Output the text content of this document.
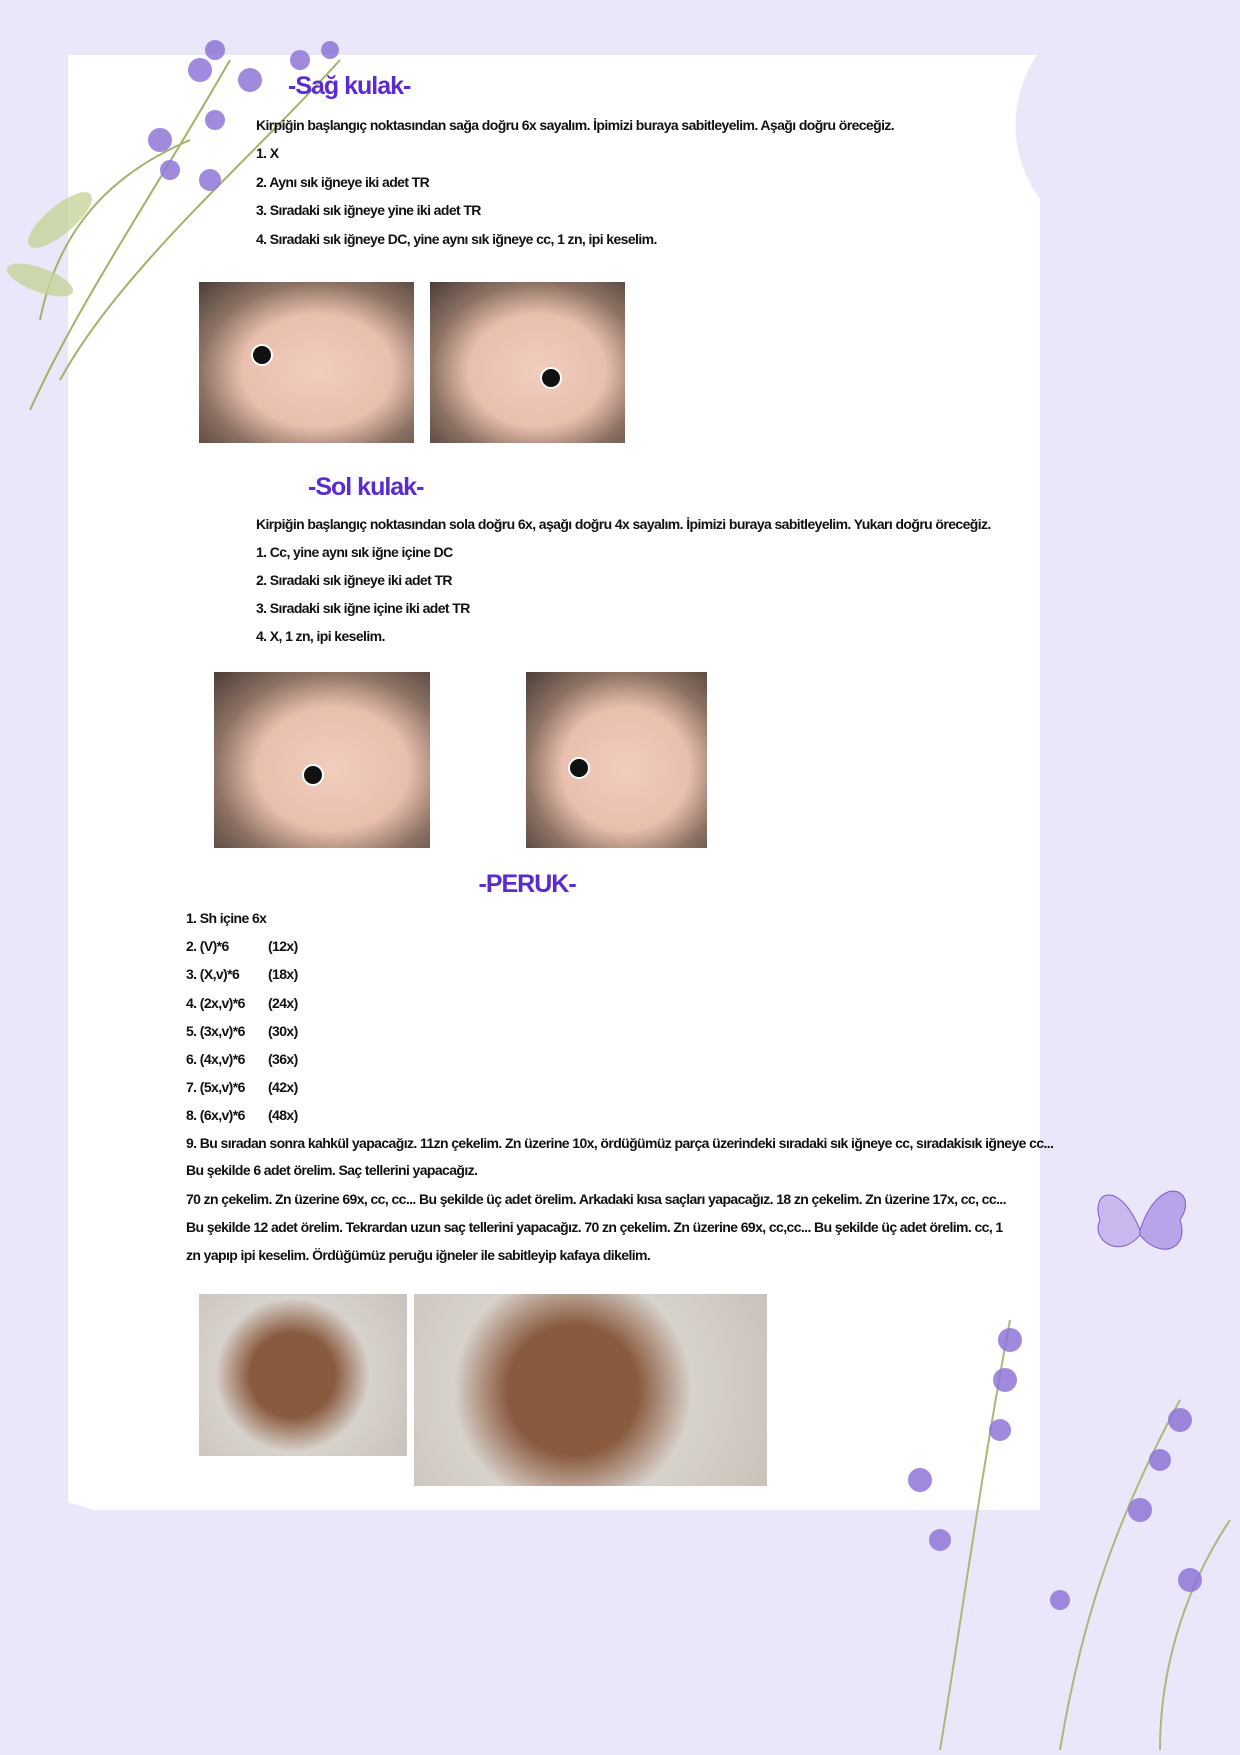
-Sağ kulak-
Kirpiğin başlangıç noktasından sağa doğru 6x sayalım. İpimizi buraya sabitleyelim. Aşağı doğru öreceğiz.
1. X
2. Aynı sık iğneye iki adet TR
3. Sıradaki sık iğneye yine iki adet TR
4. Sıradaki sık iğneye DC, yine aynı sık iğneye cc, 1 zn, ipi keselim.
-Sol kulak-
Kirpiğin başlangıç noktasından sola doğru 6x, aşağı doğru 4x sayalım. İpimizi buraya sabitleyelim. Yukarı doğru öreceğiz.
1. Cc, yine aynı sık iğne içine DC
2. Sıradaki sık iğneye iki adet TR
3. Sıradaki sık iğne içine iki adet TR
4. X, 1 zn, ipi keselim.
-PERUK-
1. Sh içine 6x
2. (V)*6	(12x)
3. (X,v)*6 (18x)
4. (2x,v)*6 (24x)
5. (3x,v)*6 (30x)
6. (4x,v)*6 (36x)
7. (5x,v)*6 (42x)
8. (6x,v)*6 (48x)
9. Bu sıradan sonra kahkül yapacağız. 11zn çekelim. Zn üzerine 10x, ördüğümüz parça üzerindeki sıradaki sık iğneye cc, sıradakisık iğneye cc...
Bu şekilde 6 adet örelim. Saç tellerini yapacağız.
70 zn çekelim. Zn üzerine 69x, cc, cc... Bu şekilde üç adet örelim. Arkadaki kısa saçları yapacağız. 18 zn çekelim. Zn üzerine 17x, cc, cc...
Bu şekilde 12 adet örelim. Tekrardan uzun saç tellerini yapacağız. 70 zn çekelim. Zn üzerine 69x, cc,cc... Bu şekilde üç adet örelim. cc, 1
zn yapıp ipi keselim. Ördüğümüz peruğu iğneler ile sabitleyip kafaya dikelim.
